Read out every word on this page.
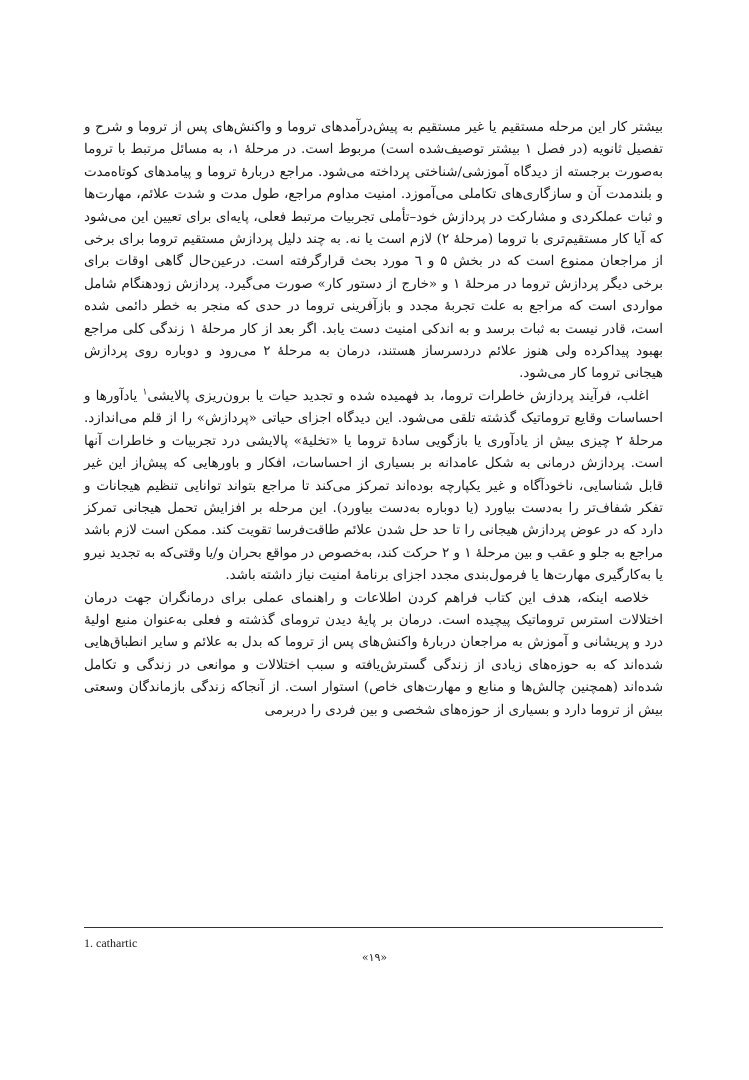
بیشتر کار این مرحله مستقیم یا غیر مستقیم به پیش‌درآمدهای تروما و واکنش‌های پس از تروما و شرح و تفصیل ثانویه (در فصل ۱ بیشتر توصیف‌شده است) مربوط است. در مرحلهٔ ۱، به مسائل مرتبط با تروما به‌صورت برجسته از دیدگاه آموزشی/شناختی پرداخته می‌شود. مراجع دربارهٔ تروما و پیامدهای کوتاه‌مدت و بلندمدت آن و سازگاری‌های تکاملی می‌آموزد. امنیت مداوم مراجع، طول مدت و شدت علائم، مهارت‌ها و ثبات عملکردی و مشارکت در پردازش خود–تأملی تجربیات مرتبط فعلی، پایه‌ای برای تعیین این می‌شود که آیا کار مستقیم‌تری با تروما (مرحلهٔ ۲) لازم است یا نه. به چند دلیل پردازش مستقیم تروما برای برخی از مراجعان ممنوع است که در بخش ۵ و ٦ مورد بحث قرارگرفته است. درعین‌حال گاهی اوقات برای برخی دیگر پردازش تروما در مرحلهٔ ۱ و «خارج از دستور کار» صورت می‌گیرد. پردازش زودهنگام شامل مواردی است که مراجع به علت تجربهٔ مجدد و بازآفرینی تروما در حدی که منجر به خطر دائمی شده است، قادر نیست به ثبات برسد و به اندکی امنیت دست یابد. اگر بعد از کار مرحلهٔ ۱ زندگی کلی مراجع بهبود پیداکرده ولی هنوز علائم دردسرساز هستند، درمان به مرحلهٔ ۲ می‌رود و دوباره روی پردازش هیجانی تروما کار می‌شود.

اغلب، فرآیند پردازش خاطرات تروما، بد فهمیده شده و تجدید حیات یا برون‌ریزی پالایشی$^۱$ یادآورها و احساسات وقایع تروماتیک گذشته تلقی می‌شود. این دیدگاه اجزای حیاتی «پردازش» را از قلم می‌اندازد. مرحلهٔ ۲ چیزی بیش از یادآوری یا بازگویی سادهٔ تروما یا «تخلیهٔ» پالایشی درد تجربیات و خاطرات آنها است. پردازش درمانی به شکل عامدانه بر بسیاری از احساسات، افکار و باورهایی که پیش‌از این غیر قابل شناسایی، ناخودآگاه و غیر یکپارچه بوده‌اند تمرکز می‌کند تا مراجع بتواند توانایی تنظیم هیجانات و تفکر شفاف‌تر را به‌دست بیاورد (یا دوباره به‌دست بیاورد). این مرحله بر افزایش تحمل هیجانی تمرکز دارد که در عوض پردازش هیجانی را تا حد حل شدن علائم طاقت‌فرسا تقویت کند. ممکن است لازم باشد مراجع به جلو و عقب و بین مرحلهٔ ۱ و ۲ حرکت کند، به‌خصوص در مواقع بحران و/یا وقتی‌که به تجدید نیرو یا به‌کارگیری مهارت‌ها یا فرمول‌بندی مجدد اجزای برنامهٔ امنیت نیاز داشته باشد.

خلاصه اینکه، هدف این کتاب فراهم کردن اطلاعات و راهنمای عملی برای درمانگران جهت درمان اختلالات استرس تروماتیک پیچیده است. درمان بر پایهٔ دیدن ترومای گذشته و فعلی به‌عنوان منبع اولیهٔ درد و پریشانی و آموزش به مراجعان دربارهٔ واکنش‌های پس از تروما که بدل به علائم و سایر انطباق‌هایی شده‌اند که به حوزه‌های زیادی از زندگی گسترش‌یافته و سبب اختلالات و موانعی در زندگی و تکامل شده‌اند (همچنین چالش‌ها و منابع و مهارت‌های خاص) استوار است. از آنجاکه زندگی بازماندگان وسعتی بیش از تروما دارد و بسیاری از حوزه‌های شخصی و بین فردی را دربرمی

1. cathartic
«۱۹»
